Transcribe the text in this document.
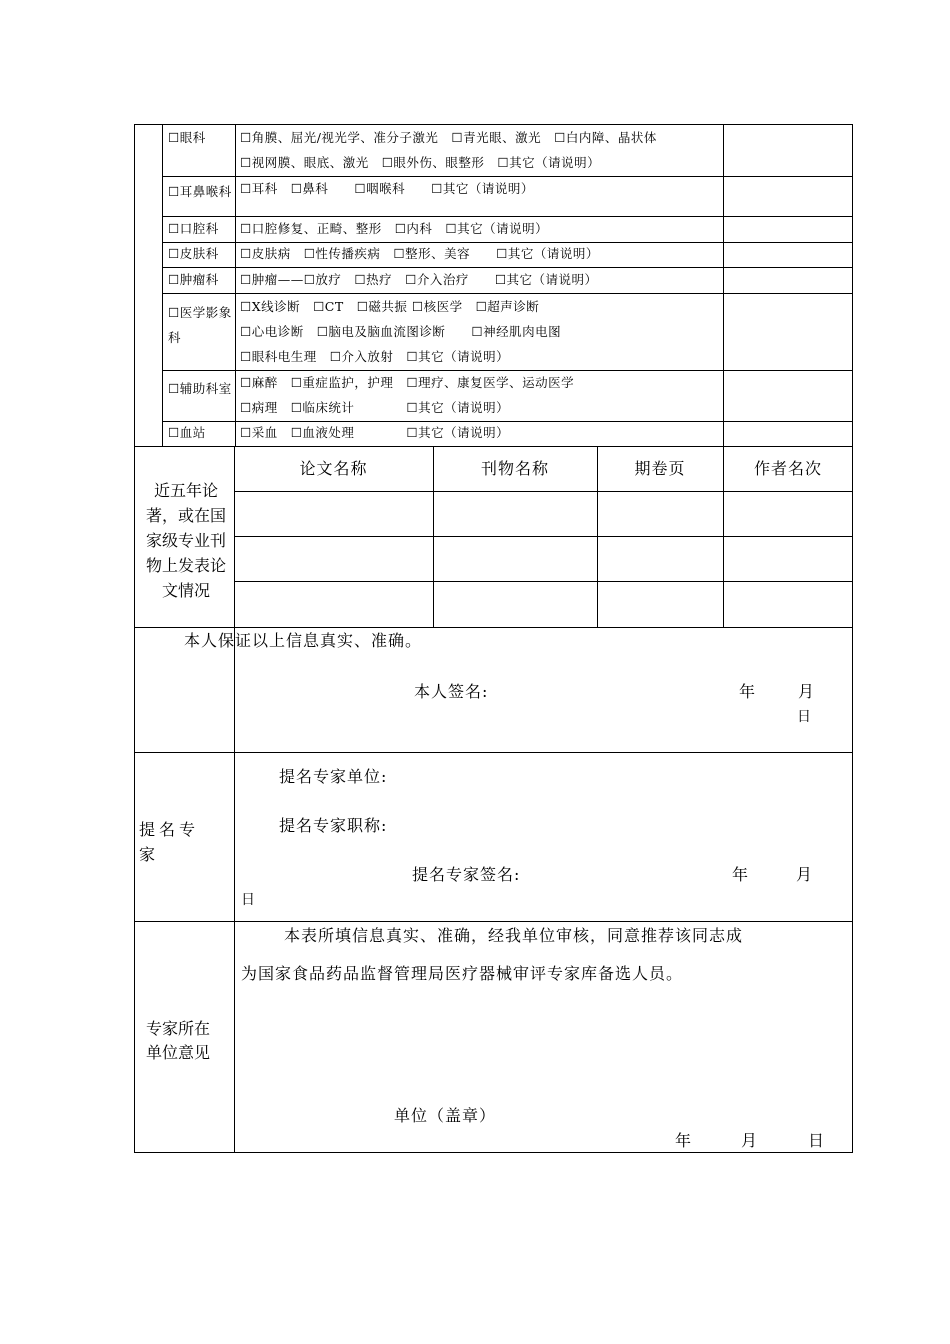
☐眼科	☐角膜、屈光/视光学、准分子激光　☐青光眼、激光　☐白内障、晶状体
☐视网膜、眼底、激光　☐眼外伤、眼整形　☐其它（请说明）
☐耳鼻喉科 ☐耳科　☐鼻科　　☐咽喉科　　☐其它（请说明）
☐口腔科 ☐口腔修复、正畸、整形　☐内科　☐其它（请说明）
☐皮肤科 ☐皮肤病　☐性传播疾病　☐整形、美容　　☐其它（请说明）
☐肿瘤科 ☐肿瘤——☐放疗　☐热疗　☐介入治疗　　☐其它（请说明）
☐医学影象科
☐X线诊断　☐CT　☐磁共振 ☐核医学　☐超声诊断
☐心电诊断　☐脑电及脑血流图诊断　　☐神经肌肉电图
☐眼科电生理　☐介入放射　☐其它（请说明）
☐辅助科室 ☐麻醉　☐重症监护，护理　☐理疗、康复医学、运动医学
☐病理　☐临床统计　　　　☐其它（请说明）
☐血站	☐采血　☐血液处理　　　　☐其它（请说明）
近五年论著，或在国家级专业刊物上发表论文情况
论文名称	刊物名称	期卷页	作者名次
本人保证以上信息真实、准确。
本人签名:	年	月
日
提名专家
提名专家单位:
提名专家职称:
提名专家签名:	年	月
日
专家所在单位意见
本表所填信息真实、准确，经我单位审核，同意推荐该同志成
为国家食品药品监督管理局医疗器械审评专家库备选人员。
单位（盖章）
年	月	日
